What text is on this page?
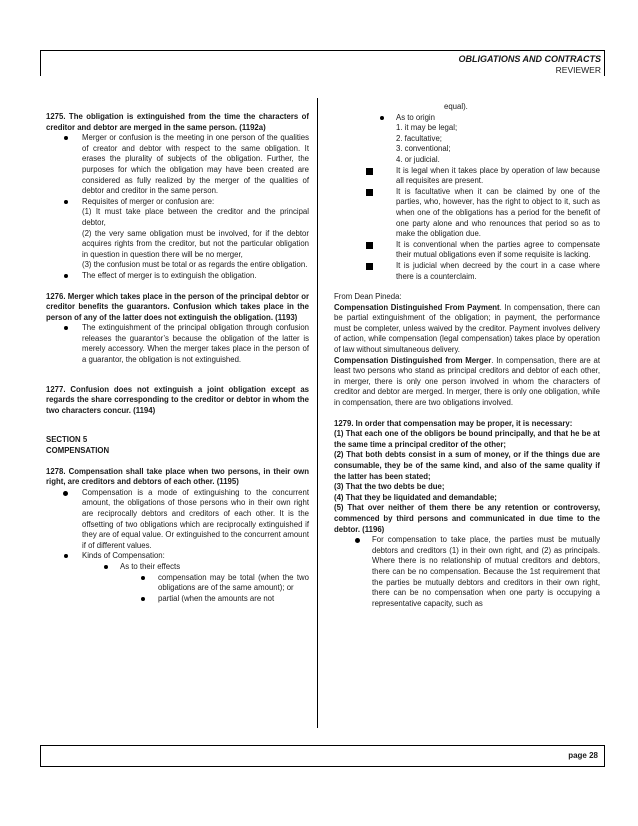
OBLIGATIONS AND CONTRACTS
REVIEWER

1275. The obligation is extinguished from the time the characters of creditor and debtor are merged in the same person. (1192a)

Merger or confusion is the meeting in one person of the qualities of creator and debtor with respect to the same obligation. It erases the plurality of subjects of the obligation. Further, the purposes for which the obligation may have been created are considered as fully realized by the merger of the qualities of debtor and creditor in the same person.

Requisites of merger or confusion are:

(1) It must take place between the creditor and the principal debtor,

(2) the very same obligation must be involved, for if the debtor acquires rights from the creditor, but not the particular obligation in question in question there will be no merger,

(3) the confusion must be total or as regards the entire obligation.

The effect of merger is to extinguish the obligation.

1276. Merger which takes place in the person of the principal debtor or creditor benefits the guarantors. Confusion which takes place in the person of any of the latter does not extinguish the obligation. (1193)

The extinguishment of the principal obligation through confusion releases the guarantor’s because the obligation of the latter is merely accessory. When the merger takes place in the person of a guarantor, the obligation is not extinguished.

1277. Confusion does not extinguish a joint obligation except as regards the share corresponding to the creditor or debtor in whom the two characters concur. (1194)

SECTION 5

COMPENSATION

1278. Compensation shall take place when two persons, in their own right, are creditors and debtors of each other. (1195)

Compensation is a mode of extinguishing to the concurrent amount, the obligations of those persons who in their own right are reciprocally debtors and creditors of each other. It is the offsetting of two obligations which are reciprocally extinguished if they are of equal value. Or extinguished to the concurrent amount if of different values.

Kinds of Compensation:

As to their effects

compensation may be total (when the two obligations are of the same amount); or

partial (when the amounts are not

equal).

As to origin

1. it may be legal;

2. facultative;

3. conventional;

4. or judicial.

It is legal when it takes place by operation of law because all requisites are present.

It is facultative when it can be claimed by one of the parties, who, however, has the right to object to it, such as when one of the obligations has a period for the benefit of one party alone and who renounces that period so as to make the obligation due.

It is conventional when the parties agree to compensate their mutual obligations even if some requisite is lacking.

It is judicial when decreed by the court in a case where there is a counterclaim.

From Dean Pineda:

Compensation Distinguished From Payment. In compensation, there can be partial extinguishment of the obligation; in payment, the performance must be completer, unless waived by the creditor. Payment involves delivery of action, while compensation (legal compensation) takes place by operation of law without simultaneous delivery.

Compensation Distinguished from Merger. In compensation, there are at least two persons who stand as principal creditors and debtor of each other, in merger, there is only one person involved in whom the characters of creditor and debtor are merged. In merger, there is only one obligation, while in compensation, there are two obligations involved.

1279. In order that compensation may be proper, it is necessary:

(1) That each one of the obligors be bound principally, and that he be at the same time a principal creditor of the other;

(2) That both debts consist in a sum of money, or if the things due are consumable, they be of the same kind, and also of the same quality if the latter has been stated;

(3) That the two debts be due;

(4) That they be liquidated and demandable;

(5) That over neither of them there be any retention or controversy, commenced by third persons and communicated in due time to the debtor. (1196)

For compensation to take place, the parties must be mutually debtors and creditors (1) in their own right, and (2) as principals. Where there is no relationship of mutual creditors and debtors, there can be no compensation. Because the 1st requirement that the parties be mutually debtors and creditors in their own right, there can be no compensation when one party is occupying a representative capacity, such as

page 28
